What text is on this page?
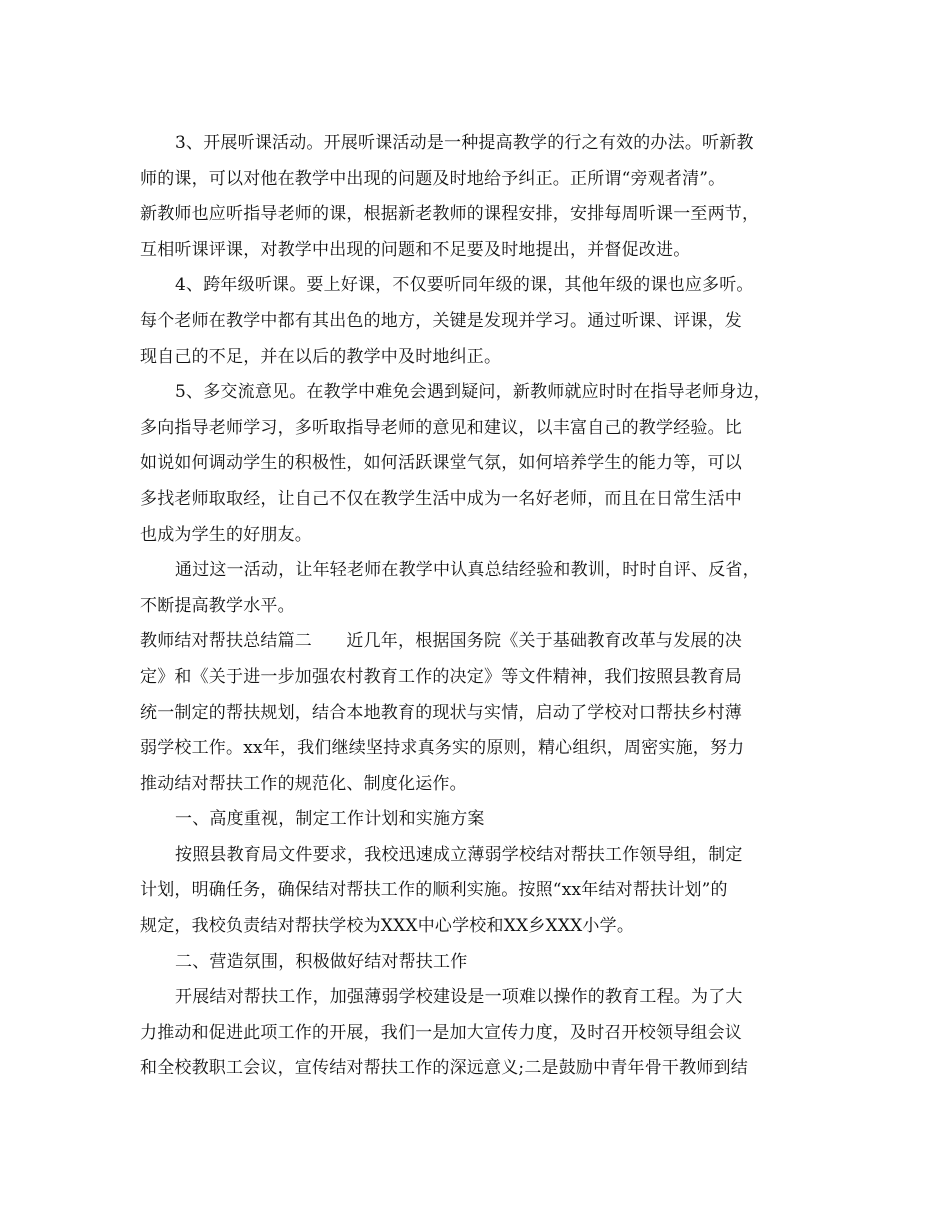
3、开展听课活动。开展听课活动是一种提高教学的行之有效的办法。听新教
师的课，可以对他在教学中出现的问题及时地给予纠正。正所谓“旁观者清”。
新教师也应听指导老师的课，根据新老教师的课程安排，安排每周听课一至两节，
互相听课评课，对教学中出现的问题和不足要及时地提出，并督促改进。
4、跨年级听课。要上好课，不仅要听同年级的课，其他年级的课也应多听。
每个老师在教学中都有其出色的地方，关键是发现并学习。通过听课、评课，发
现自己的不足，并在以后的教学中及时地纠正。
5、多交流意见。在教学中难免会遇到疑问，新教师就应时时在指导老师身边，
多向指导老师学习，多听取指导老师的意见和建议，以丰富自己的教学经验。比
如说如何调动学生的积极性，如何活跃课堂气氛，如何培养学生的能力等，可以
多找老师取取经，让自己不仅在教学生活中成为一名好老师，而且在日常生活中
也成为学生的好朋友。
通过这一活动，让年轻老师在教学中认真总结经验和教训，时时自评、反省，
不断提高教学水平。
教师结对帮扶总结篇二　　近几年，根据国务院《关于基础教育改革与发展的决
定》和《关于进一步加强农村教育工作的决定》等文件精神，我们按照县教育局
统一制定的帮扶规划，结合本地教育的现状与实情，启动了学校对口帮扶乡村薄
弱学校工作。xx年，我们继续坚持求真务实的原则，精心组织，周密实施，努力
推动结对帮扶工作的规范化、制度化运作。
一、高度重视，制定工作计划和实施方案
按照县教育局文件要求，我校迅速成立薄弱学校结对帮扶工作领导组，制定
计划，明确任务，确保结对帮扶工作的顺利实施。按照“xx年结对帮扶计划”的
规定，我校负责结对帮扶学校为XXX中心学校和XX乡XXX小学。
二、营造氛围，积极做好结对帮扶工作
开展结对帮扶工作，加强薄弱学校建设是一项难以操作的教育工程。为了大
力推动和促进此项工作的开展，我们一是加大宣传力度，及时召开校领导组会议
和全校教职工会议，宣传结对帮扶工作的深远意义;二是鼓励中青年骨干教师到结
